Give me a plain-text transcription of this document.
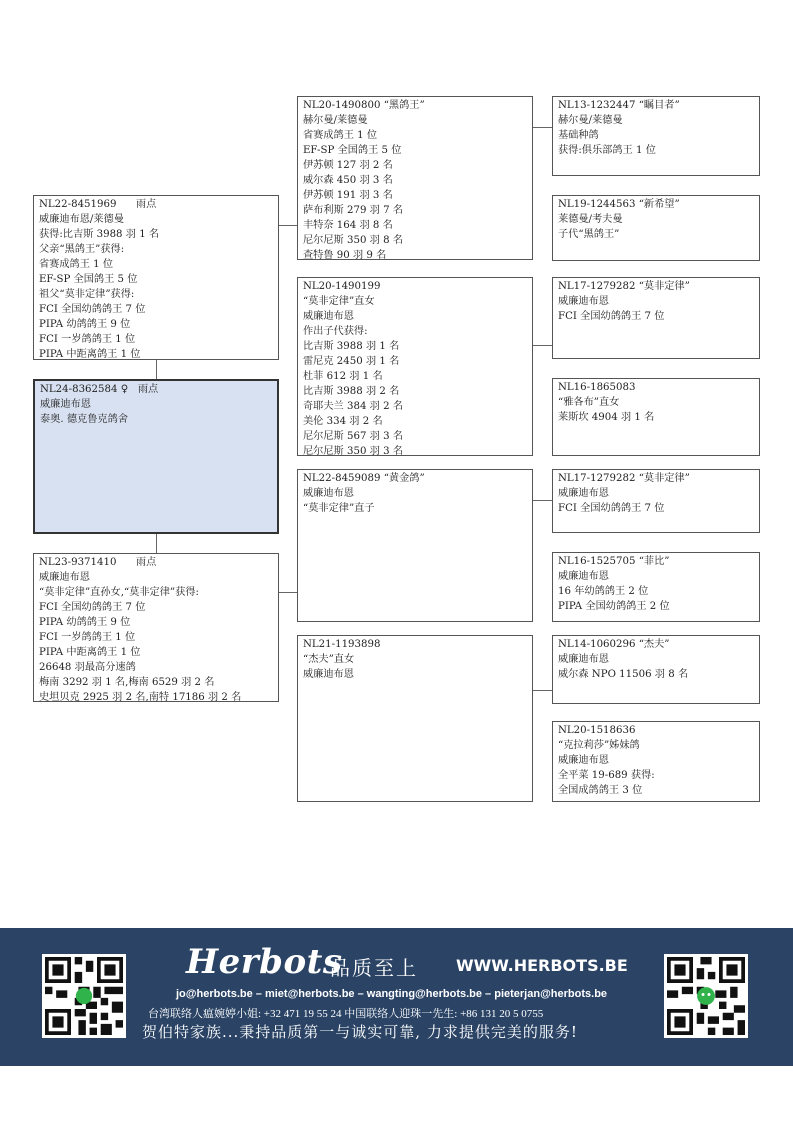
NL22-8451969      雨点
威廉迪布恩/莱德曼
获得:比吉斯 3988 羽 1 名
父亲“黑鸽王”获得:
省赛成鸽王 1 位
EF-SP 全国鸽王 5 位
祖父“莫非定律”获得:
FCI 全国幼鸽鸽王 7 位
PIPA 幼鸽鸽王 9 位
FCI 一岁鸽鸽王 1 位
PIPA 中距离鸽王 1 位
NL24-8362584 ♀   雨点
威廉迪布恩
泰奥. 德克鲁克鸽舍
NL23-9371410      雨点
威廉迪布恩
“莫非定律”直孙女,“莫非定律”获得:
FCI 全国幼鸽鸽王 7 位
PIPA 幼鸽鸽王 9 位
FCI 一岁鸽鸽王 1 位
PIPA 中距离鸽王 1 位
26648 羽最高分速鸽
梅南 3292 羽 1 名,梅南 6529 羽 2 名
史坦贝克 2925 羽 2 名,南特 17186 羽 2 名
NL20-1490800 “黑鸽王”
赫尔曼/莱德曼
省赛成鸽王 1 位
EF-SP 全国鸽王 5 位
伊苏顿 127 羽 2 名
威尔森 450 羽 3 名
伊苏顿 191 羽 3 名
萨布利斯 279 羽 7 名
丰特奈 164 羽 8 名
尼尔尼斯 350 羽 8 名
查特鲁 90 羽 9 名
NL20-1490199
“莫非定律”直女
威廉迪布恩
作出子代获得:
比吉斯 3988 羽 1 名
雷尼克 2450 羽 1 名
杜菲 612 羽 1 名
比吉斯 3988 羽 2 名
奇耶夫兰 384 羽 2 名
美伦 334 羽 2 名
尼尔尼斯 567 羽 3 名
尼尔尼斯 350 羽 3 名
NL22-8459089 “黄金鸽”
威廉迪布恩
“莫非定律”直子
NL21-1193898
“杰夫”直女
威廉迪布恩
NL13-1232447 “瞩目者”
赫尔曼/莱德曼
基础种鸽
获得:俱乐部鸽王 1 位
NL19-1244563 “新希望”
莱德曼/考夫曼
子代“黑鸽王”
NL17-1279282 “莫非定律”
威廉迪布恩
FCI 全国幼鸽鸽王 7 位
NL16-1865083
“雅各布”直女
莱斯坎 4904 羽 1 名
NL17-1279282 “莫非定律”
威廉迪布恩
FCI 全国幼鸽鸽王 7 位
NL16-1525705 “菲比”
威廉迪布恩
16 年幼鸽鸽王 2 位
PIPA 全国幼鸽鸽王 2 位
NL14-1060296 “杰夫”
威廉迪布恩
威尔森 NPO 11506 羽 8 名
NL20-1518636
“克拉莉莎”姊妹鸽
威廉迪布恩
全平菜 19-689 获得:
全国成鸽鸽王 3 位
Herbots
品质至上 WWW.HERBOTS.BE
jo@herbots.be – miet@herbots.be – wangting@herbots.be – pieterjan@herbots.be
台湾联络人瘟婉婷小姐: +32 471 19 55 24 中国联络人迎珠一先生: +86 131 20 5 0755
贺伯特家族...秉持品质第一与诚实可靠, 力求提供完美的服务!
